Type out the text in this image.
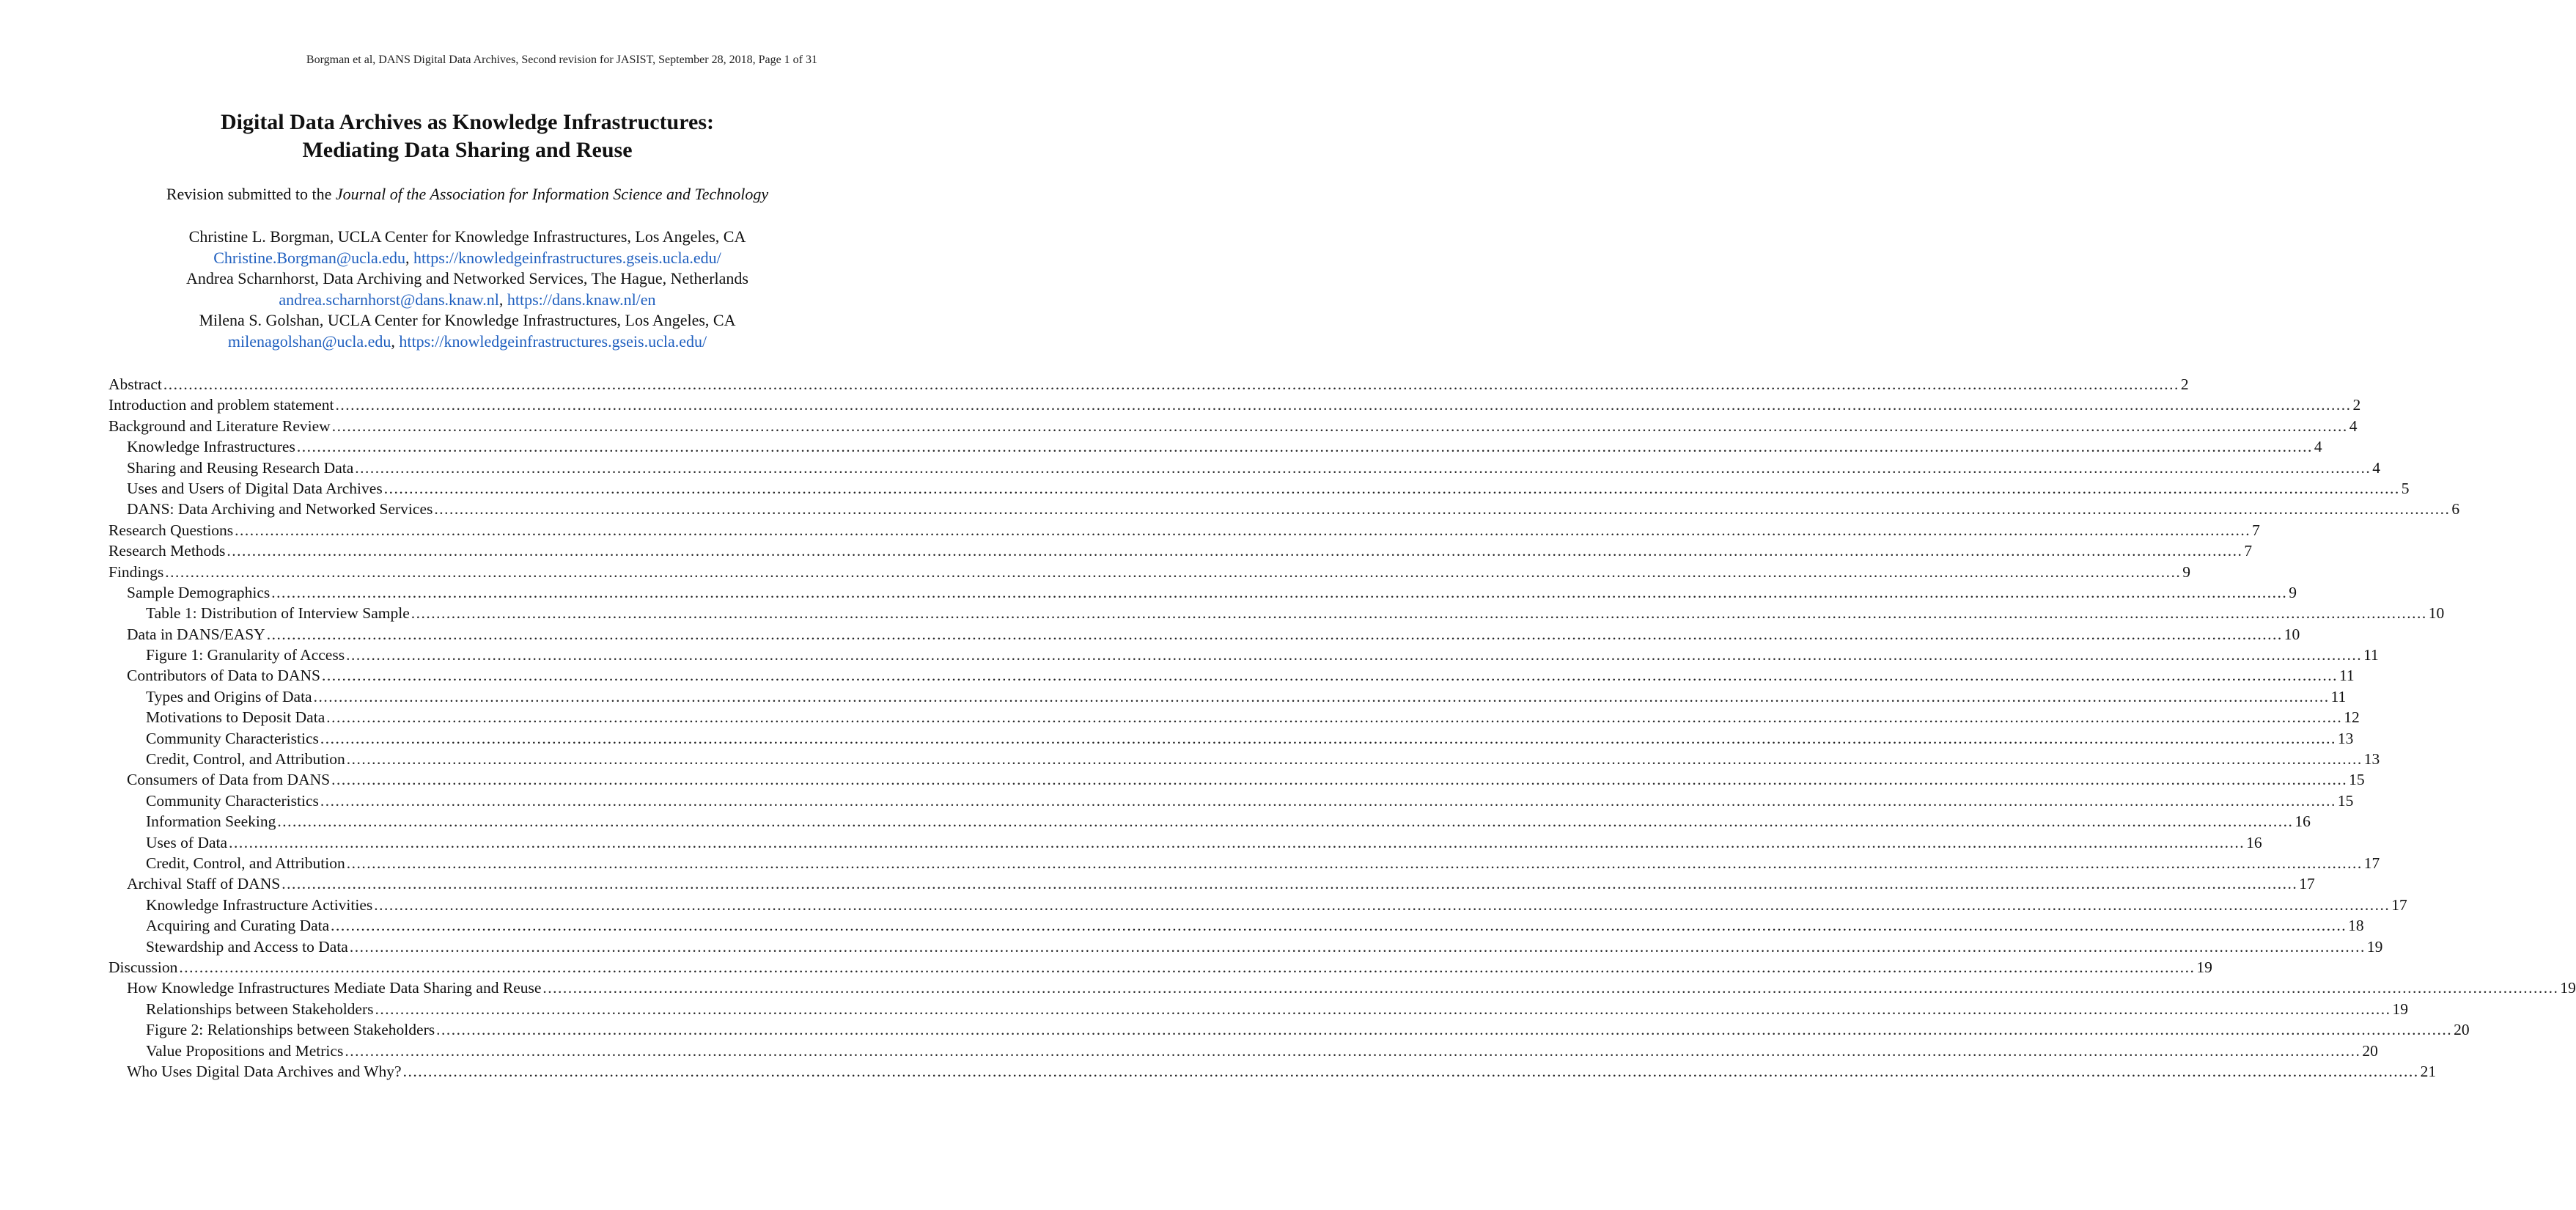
Borgman et al, DANS Digital Data Archives, Second revision for JASIST, September 28, 2018, Page 1 of 31
Digital Data Archives as Knowledge Infrastructures:
Mediating Data Sharing and Reuse
Revision submitted to the Journal of the Association for Information Science and Technology
Christine L. Borgman, UCLA Center for Knowledge Infrastructures, Los Angeles, CA
Christine.Borgman@ucla.edu, https://knowledgeinfrastructures.gseis.ucla.edu/
Andrea Scharnhorst, Data Archiving and Networked Services, The Hague, Netherlands
andrea.scharnhorst@dans.knaw.nl, https://dans.knaw.nl/en
Milena S. Golshan, UCLA Center for Knowledge Infrastructures, Los Angeles, CA
milenagolshan@ucla.edu, https://knowledgeinfrastructures.gseis.ucla.edu/
Abstract ................................................................................................................................................................................................................................................................................................................................................................................................................ 2
Introduction and problem statement ................................................................................................................................................................................................................................................................................................................................................................................................................ 2
Background and Literature Review ................................................................................................................................................................................................................................................................................................................................................................................................................ 4
Knowledge Infrastructures ................................................................................................................................................................................................................................................................................................................................................................................................................ 4
Sharing and Reusing Research Data ................................................................................................................................................................................................................................................................................................................................................................................................................ 4
Uses and Users of Digital Data Archives ................................................................................................................................................................................................................................................................................................................................................................................................................ 5
DANS: Data Archiving and Networked Services ................................................................................................................................................................................................................................................................................................................................................................................................................ 6
Research Questions ................................................................................................................................................................................................................................................................................................................................................................................................................ 7
Research Methods ................................................................................................................................................................................................................................................................................................................................................................................................................ 7
Findings ................................................................................................................................................................................................................................................................................................................................................................................................................ 9
Sample Demographics ................................................................................................................................................................................................................................................................................................................................................................................................................ 9
Table 1: Distribution of Interview Sample ................................................................................................................................................................................................................................................................................................................................................................................................................ 10
Data in DANS/EASY ................................................................................................................................................................................................................................................................................................................................................................................................................ 10
Figure 1: Granularity of Access ................................................................................................................................................................................................................................................................................................................................................................................................................ 11
Contributors of Data to DANS ................................................................................................................................................................................................................................................................................................................................................................................................................ 11
Types and Origins of Data ................................................................................................................................................................................................................................................................................................................................................................................................................ 11
Motivations to Deposit Data ................................................................................................................................................................................................................................................................................................................................................................................................................ 12
Community Characteristics ................................................................................................................................................................................................................................................................................................................................................................................................................ 13
Credit, Control, and Attribution ................................................................................................................................................................................................................................................................................................................................................................................................................ 13
Consumers of Data from DANS ................................................................................................................................................................................................................................................................................................................................................................................................................ 15
Community Characteristics ................................................................................................................................................................................................................................................................................................................................................................................................................ 15
Information Seeking ................................................................................................................................................................................................................................................................................................................................................................................................................ 16
Uses of Data ................................................................................................................................................................................................................................................................................................................................................................................................................ 16
Credit, Control, and Attribution ................................................................................................................................................................................................................................................................................................................................................................................................................ 17
Archival Staff of DANS ................................................................................................................................................................................................................................................................................................................................................................................................................ 17
Knowledge Infrastructure Activities ................................................................................................................................................................................................................................................................................................................................................................................................................ 17
Acquiring and Curating Data ................................................................................................................................................................................................................................................................................................................................................................................................................ 18
Stewardship and Access to Data ................................................................................................................................................................................................................................................................................................................................................................................................................ 19
Discussion ................................................................................................................................................................................................................................................................................................................................................................................................................ 19
How Knowledge Infrastructures Mediate Data Sharing and Reuse ................................................................................................................................................................................................................................................................................................................................................................................................................ 19
Relationships between Stakeholders ................................................................................................................................................................................................................................................................................................................................................................................................................ 19
Figure 2: Relationships between Stakeholders ................................................................................................................................................................................................................................................................................................................................................................................................................ 20
Value Propositions and Metrics ................................................................................................................................................................................................................................................................................................................................................................................................................ 20
Who Uses Digital Data Archives and Why? ................................................................................................................................................................................................................................................................................................................................................................................................................ 21
